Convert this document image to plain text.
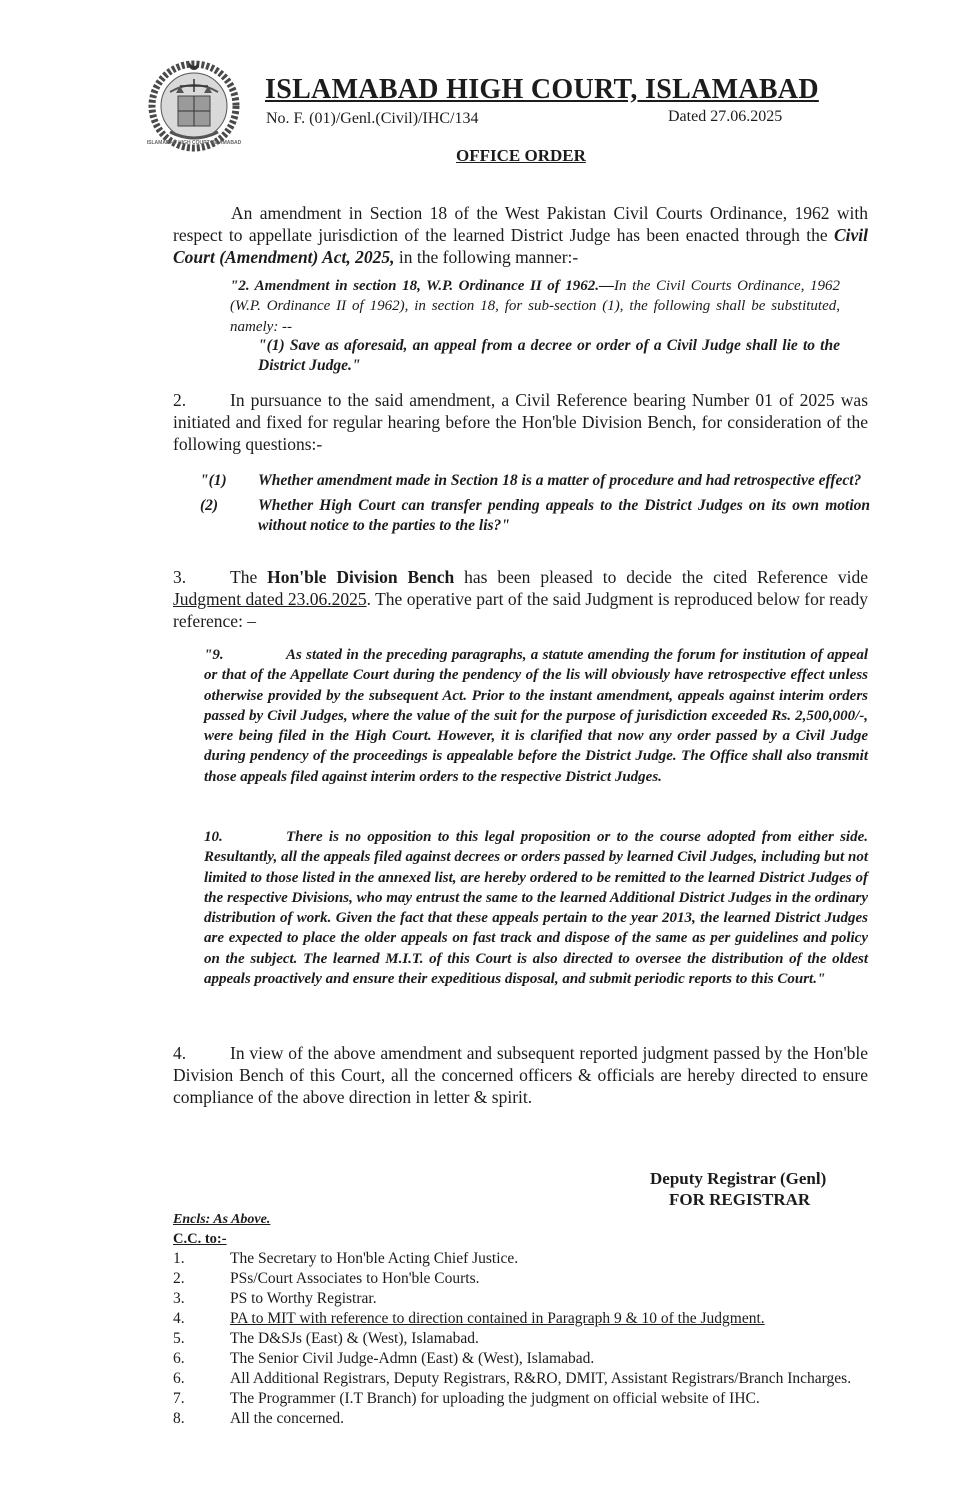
ISLAMABAD HIGH COURT ISLAMABAD
ISLAMABAD HIGH COURT, ISLAMABAD
No. F. (01)/Genl.(Civil)/IHC/134	Dated 27.06.2025
OFFICE ORDER
An amendment in Section 18 of the West Pakistan Civil Courts Ordinance, 1962 with respect to appellate jurisdiction of the learned District Judge has been enacted through the Civil Court (Amendment) Act, 2025, in the following manner:-
"2. Amendment in section 18, W.P. Ordinance II of 1962.—In the Civil Courts Ordinance, 1962 (W.P. Ordinance II of 1962), in section 18, for sub-section (1), the following shall be substituted, namely: --
"(1) Save as aforesaid, an appeal from a decree or order of a Civil Judge shall lie to the District Judge."
2.	In pursuance to the said amendment, a Civil Reference bearing Number 01 of 2025 was initiated and fixed for regular hearing before the Hon'ble Division Bench, for consideration of the following questions:-
"(1)	Whether amendment made in Section 18 is a matter of procedure and had retrospective effect?
(2)	Whether High Court can transfer pending appeals to the District Judges on its own motion without notice to the parties to the lis?"
3.	The Hon'ble Division Bench has been pleased to decide the cited Reference vide Judgment dated 23.06.2025. The operative part of the said Judgment is reproduced below for ready reference: –
"9.	As stated in the preceding paragraphs, a statute amending the forum for institution of appeal or that of the Appellate Court during the pendency of the lis will obviously have retrospective effect unless otherwise provided by the subsequent Act. Prior to the instant amendment, appeals against interim orders passed by Civil Judges, where the value of the suit for the purpose of jurisdiction exceeded Rs. 2,500,000/-, were being filed in the High Court. However, it is clarified that now any order passed by a Civil Judge during pendency of the proceedings is appealable before the District Judge. The Office shall also transmit those appeals filed against interim orders to the respective District Judges.
10.	There is no opposition to this legal proposition or to the course adopted from either side. Resultantly, all the appeals filed against decrees or orders passed by learned Civil Judges, including but not limited to those listed in the annexed list, are hereby ordered to be remitted to the learned District Judges of the respective Divisions, who may entrust the same to the learned Additional District Judges in the ordinary distribution of work. Given the fact that these appeals pertain to the year 2013, the learned District Judges are expected to place the older appeals on fast track and dispose of the same as per guidelines and policy on the subject. The learned M.I.T. of this Court is also directed to oversee the distribution of the oldest appeals proactively and ensure their expeditious disposal, and submit periodic reports to this Court."
4.	In view of the above amendment and subsequent reported judgment passed by the Hon'ble Division Bench of this Court, all the concerned officers & officials are hereby directed to ensure compliance of the above direction in letter & spirit.
Deputy Registrar (Genl)
FOR REGISTRAR
Encls: As Above.
C.C. to:-
1.	The Secretary to Hon'ble Acting Chief Justice.
2.	PSs/Court Associates to Hon'ble Courts.
3.	PS to Worthy Registrar.
4.	PA to MIT with reference to direction contained in Paragraph 9 & 10 of the Judgment.
5.	The D&SJs (East) & (West), Islamabad.
6.	The Senior Civil Judge-Admn (East) & (West), Islamabad.
6.	All Additional Registrars, Deputy Registrars, R&RO, DMIT, Assistant Registrars/Branch Incharges.
7.	The Programmer (I.T Branch) for uploading the judgment on official website of IHC.
8.	All the concerned.
